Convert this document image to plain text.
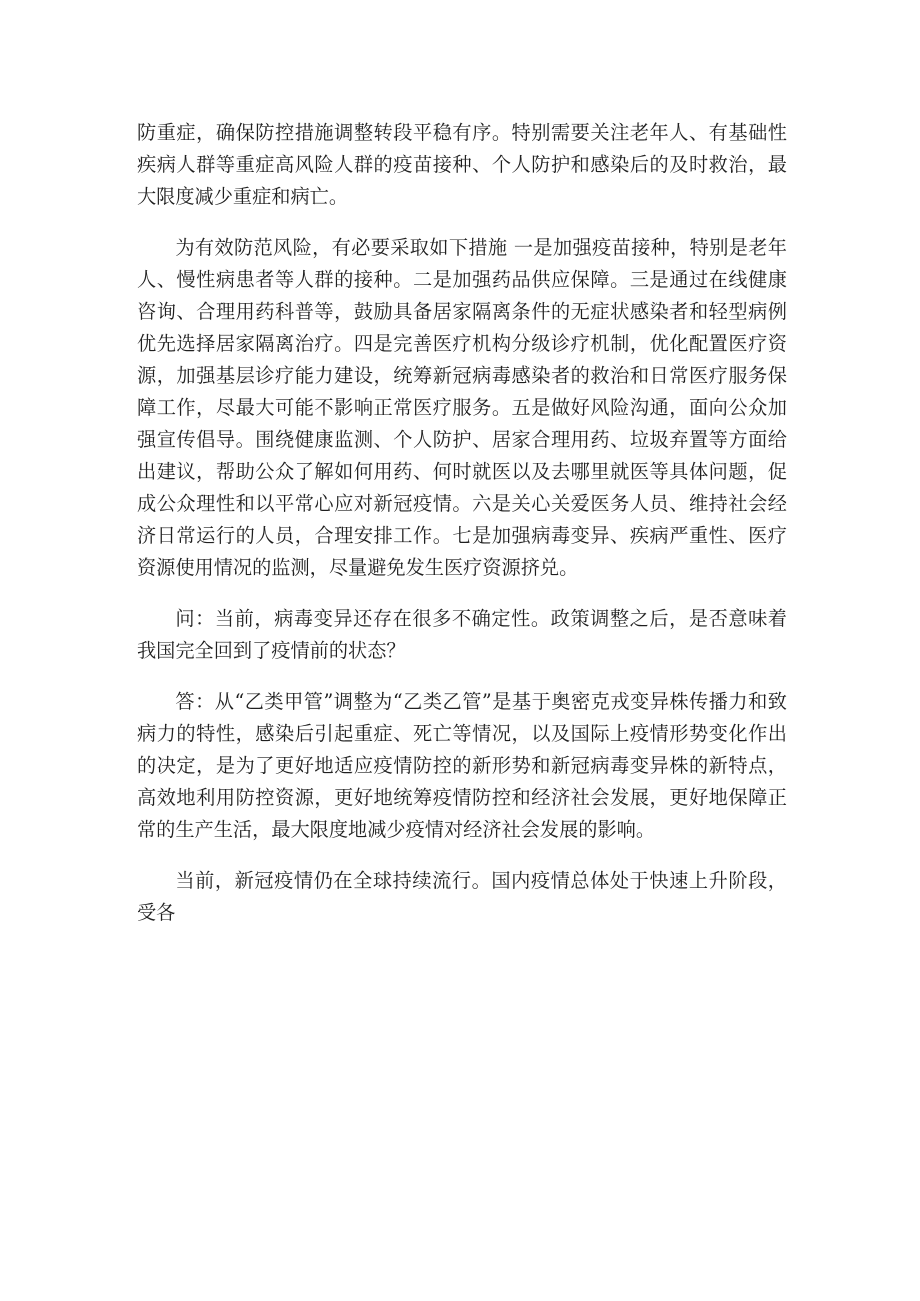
防重症，确保防控措施调整转段平稳有序。特别需要关注老年人、有基础性疾病人群等重症高风险人群的疫苗接种、个人防护和感染后的及时救治，最大限度减少重症和病亡。

为有效防范风险，有必要采取如下措施 一是加强疫苗接种，特别是老年人、慢性病患者等人群的接种。二是加强药品供应保障。三是通过在线健康咨询、合理用药科普等，鼓励具备居家隔离条件的无症状感染者和轻型病例优先选择居家隔离治疗。四是完善医疗机构分级诊疗机制，优化配置医疗资源，加强基层诊疗能力建设，统筹新冠病毒感染者的救治和日常医疗服务保障工作，尽最大可能不影响正常医疗服务。五是做好风险沟通，面向公众加强宣传倡导。围绕健康监测、个人防护、居家合理用药、垃圾弃置等方面给出建议，帮助公众了解如何用药、何时就医以及去哪里就医等具体问题，促成公众理性和以平常心应对新冠疫情。六是关心关爱医务人员、维持社会经济日常运行的人员，合理安排工作。七是加强病毒变异、疾病严重性、医疗资源使用情况的监测，尽量避免发生医疗资源挤兑。

问：当前，病毒变异还存在很多不确定性。政策调整之后，是否意味着我国完全回到了疫情前的状态？

答：从“乙类甲管”调整为“乙类乙管”是基于奥密克戎变异株传播力和致病力的特性，感染后引起重症、死亡等情况，以及国际上疫情形势变化作出的决定，是为了更好地适应疫情防控的新形势和新冠病毒变异株的新特点，高效地利用防控资源，更好地统筹疫情防控和经济社会发展，更好地保障正常的生产生活，最大限度地减少疫情对经济社会发展的影响。

当前，新冠疫情仍在全球持续流行。国内疫情总体处于快速上升阶段，受各
